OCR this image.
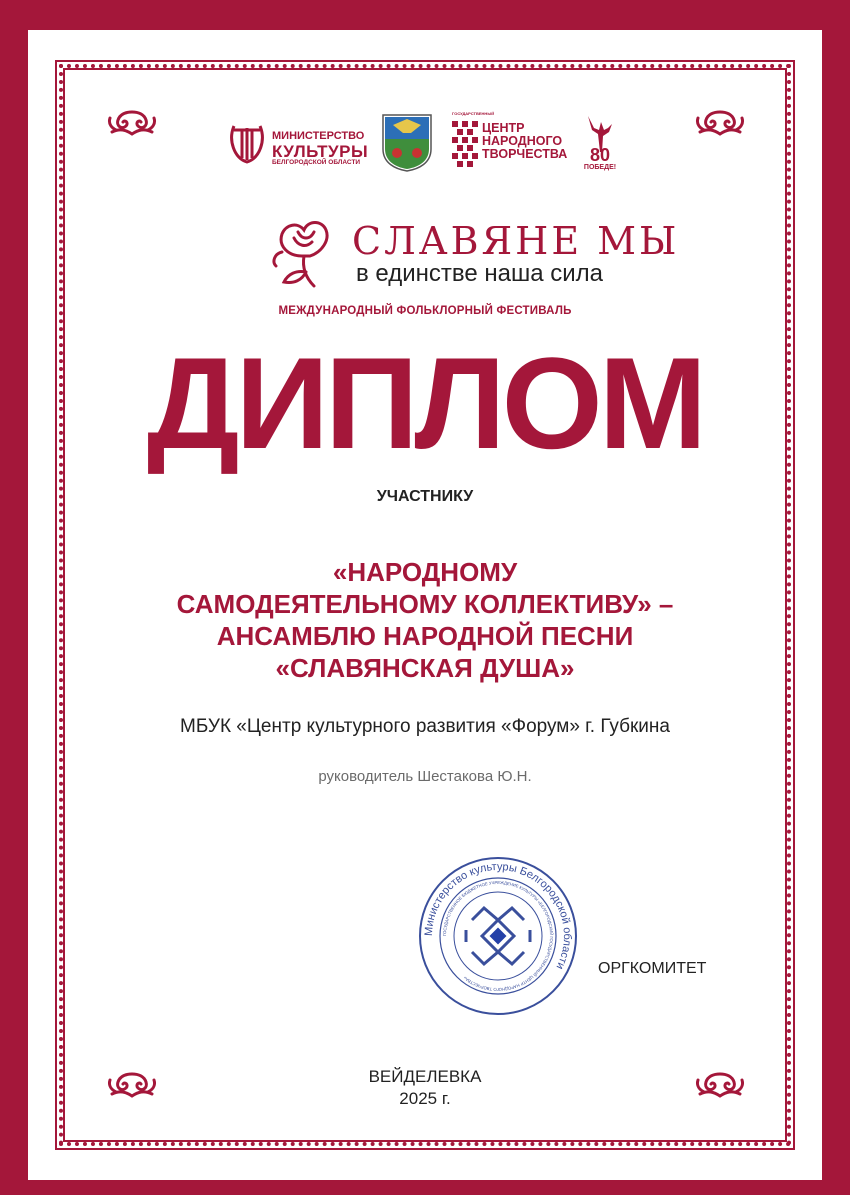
МИНИСТЕРСТВО
КУЛЬТУРЫ
БЕЛГОРОДСКОЙ ОБЛАСТИ
ГОСУДАРСТВЕННЫЙ
ЦЕНТР
НАРОДНОГО
ТВОРЧЕСТВА	80
ПОБЕДЕ!
СЛАВЯНЕ МЫ
в единстве наша сила
МЕЖДУНАРОДНЫЙ ФОЛЬКЛОРНЫЙ ФЕСТИВАЛЬ
ДИПЛОМ
УЧАСТНИКУ
«НАРОДНОМУ
САМОДЕЯТЕЛЬНОМУ КОЛЛЕКТИВУ» –
АНСАМБЛЮ НАРОДНОЙ ПЕСНИ
«СЛАВЯНСКАЯ ДУША»
МБУК «Центр культурного развития «Форум» г. Губкина
руководитель Шестакова Ю.Н.
Министерство культуры Белгородской области
ГОСУДАРСТВЕННОЕ БЮДЖЕТНОЕ УЧРЕЖДЕНИЕ КУЛЬТУРЫ «БЕЛГОРОДСКИЙ ГОСУДАРСТВЕННЫЙ ЦЕНТР НАРОДНОГО ТВОРЧЕСТВА»
ОРГКОМИТЕТ
ВЕЙДЕЛЕВКА
2025 г.
